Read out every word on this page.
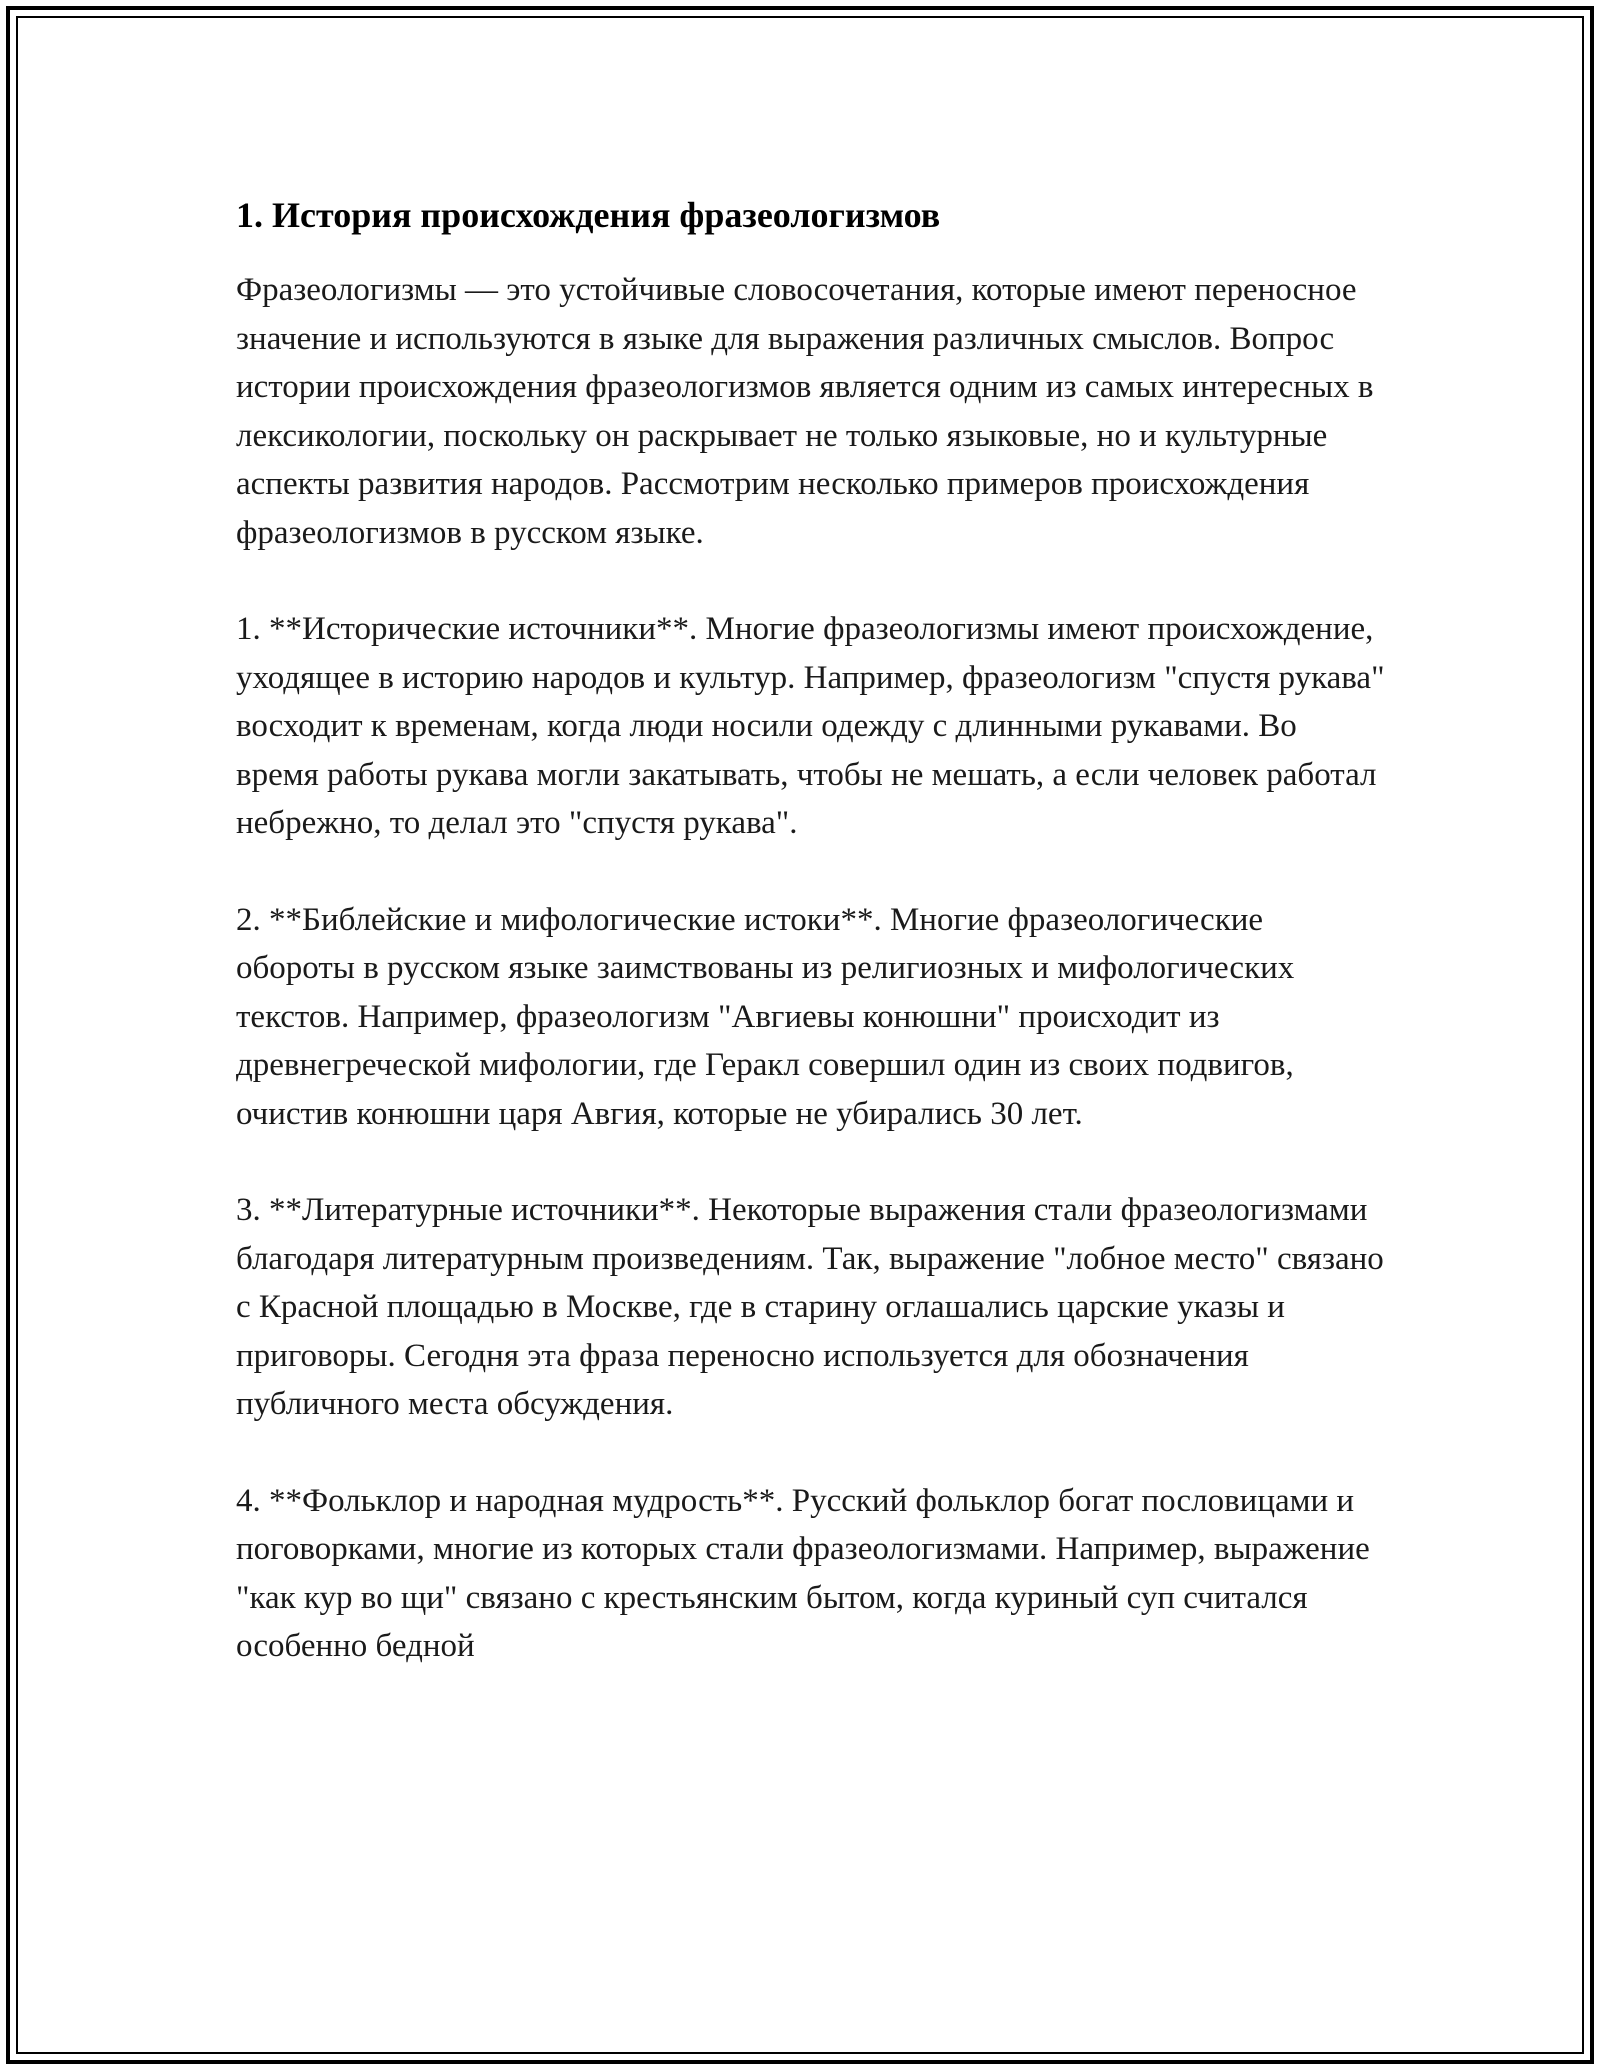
1. История происхождения фразеологизмов

Фразеологизмы — это устойчивые словосочетания, которые имеют переносное значение и используются в языке для выражения различных смыслов. Вопрос истории происхождения фразеологизмов является одним из самых интересных в лексикологии, поскольку он раскрывает не только языковые, но и культурные аспекты развития народов. Рассмотрим несколько примеров происхождения фразеологизмов в русском языке.

1. **Исторические источники**. Многие фразеологизмы имеют происхождение, уходящее в историю народов и культур. Например, фразеологизм "спустя рукава" восходит к временам, когда люди носили одежду с длинными рукавами. Во время работы рукава могли закатывать, чтобы не мешать, а если человек работал небрежно, то делал это "спустя рукава".

2. **Библейские и мифологические истоки**. Многие фразеологические обороты в русском языке заимствованы из религиозных и мифологических текстов. Например, фразеологизм "Авгиевы конюшни" происходит из древнегреческой мифологии, где Геракл совершил один из своих подвигов, очистив конюшни царя Авгия, которые не убирались 30 лет.

3. **Литературные источники**. Некоторые выражения стали фразеологизмами благодаря литературным произведениям. Так, выражение "лобное место" связано с Красной площадью в Москве, где в старину оглашались царские указы и приговоры. Сегодня эта фраза переносно используется для обозначения публичного места обсуждения.

4. **Фольклор и народная мудрость**. Русский фольклор богат пословицами и поговорками, многие из которых стали фразеологизмами. Например, выражение "как кур во щи" связано с крестьянским бытом, когда куриный суп считался особенно бедной
